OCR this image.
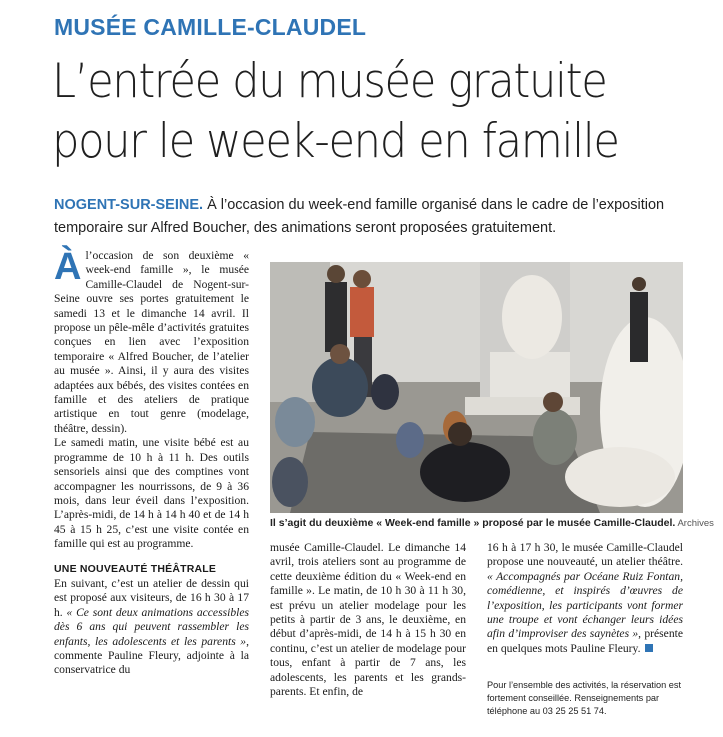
MUSÉE CAMILLE-CLAUDEL
L’entrée du musée gratuite
pour le week-end en famille
NOGENT-SUR-SEINE. À l’occasion du week-end famille organisé dans le cadre de l’exposition temporaire sur Alfred Boucher, des animations seront proposées gratuitement.
À l’occasion de son deuxième « week-end famille », le musée Camille-Claudel de Nogent-sur-Seine ouvre ses portes gratuitement le samedi 13 et le dimanche 14 avril. Il propose un pêle-mêle d’activités gratuites conçues en lien avec l’exposition temporaire « Alfred Boucher, de l’atelier au musée ». Ainsi, il y aura des visites adaptées aux bébés, des visites contées en famille et des ateliers de pratique artistique en tout genre (modelage, théâtre, dessin).

Le samedi matin, une visite bébé est au programme de 10 h à 11 h. Des outils sensoriels ainsi que des comptines vont accompagner les nourrissons, de 9 à 36 mois, dans leur éveil dans l’exposition. L’après-midi, de 14 h à 14 h 40 et de 14 h 45 à 15 h 25, c’est une visite contée en famille qui est au programme.

UNE NOUVEAUTÉ THÉÂTRALE

En suivant, c’est un atelier de dessin qui est proposé aux visiteurs, de 16 h 30 à 17 h. « Ce sont deux animations accessibles dès 6 ans qui peuvent rassembler les enfants, les adolescents et les parents », commente Pauline Fleury, adjointe à la conservatrice du

Il s’agit du deuxième « Week-end famille » proposé par le musée Camille-Claudel. Archives

musée Camille-Claudel. Le dimanche 14 avril, trois ateliers sont au programme de cette deuxième édition du « Week-end en famille ». Le matin, de 10 h 30 à 11 h 30, est prévu un atelier modelage pour les petits à partir de 3 ans, le deuxième, en début d’après-midi, de 14 h à 15 h 30 en continu, c’est un atelier de modelage pour tous, enfant à partir de 7 ans, les adolescents, les parents et les grands-parents. Et enfin, de

16 h à 17 h 30, le musée Camille-Claudel propose une nouveauté, un atelier théâtre. « Accompagnés par Océane Ruiz Fontan, comédienne, et inspirés d’œuvres de l’exposition, les participants vont former une troupe et vont échanger leurs idées afin d’improviser des saynètes », présente en quelques mots Pauline Fleury.

Pour l’ensemble des activités, la réservation est fortement conseillée. Renseignements par téléphone au 03 25 25 51 74.
